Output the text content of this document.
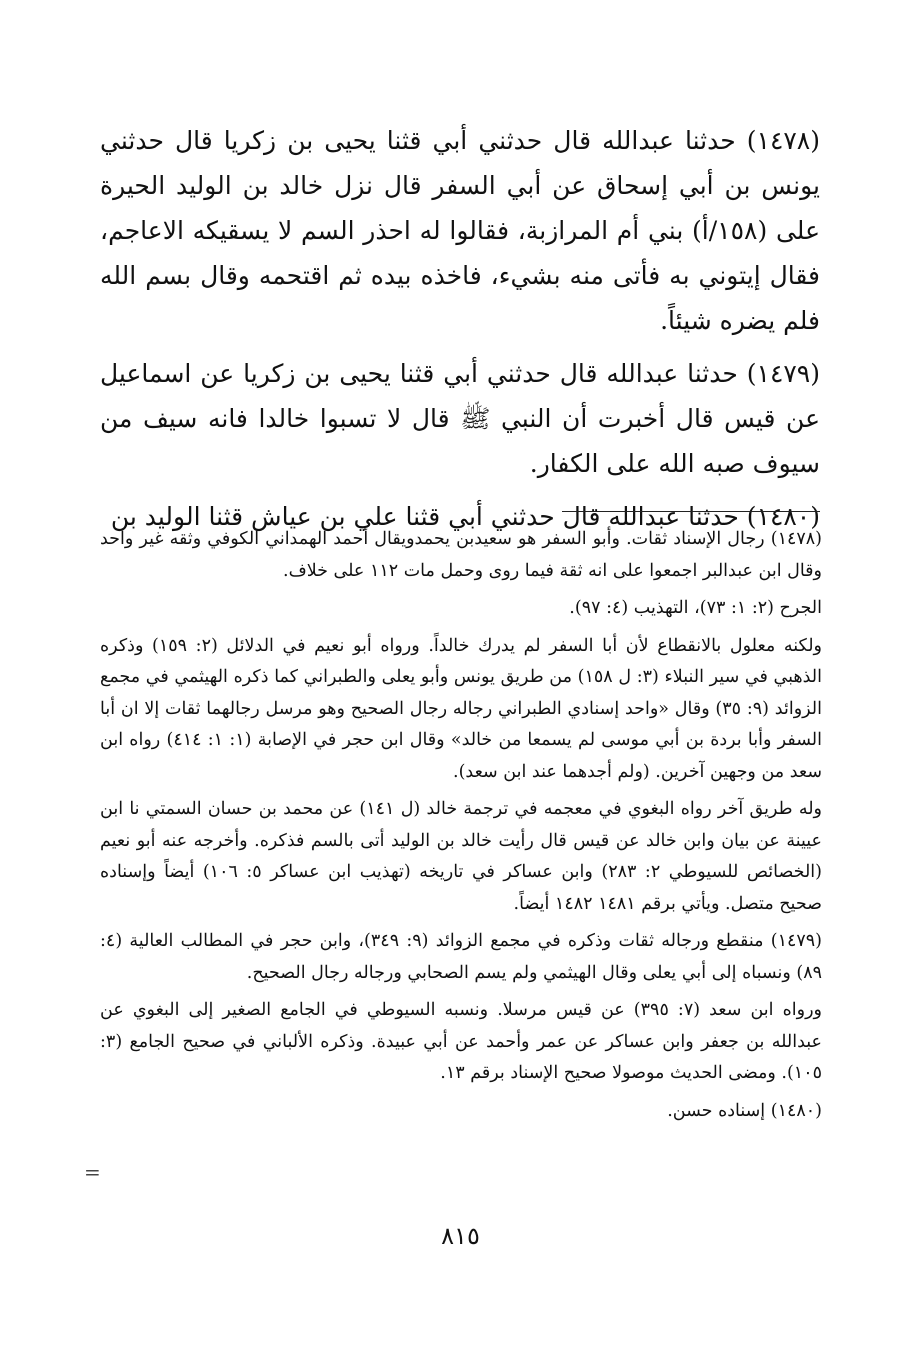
(١٤٧٨) حدثنا عبدالله قال حدثني أبي قثنا يحيى بن زكريا قال حدثني يونس بن أبي إسحاق عن أبي السفر قال نزل خالد بن الوليد الحيرة على (١٥٨/أ) بني أم المرازبة، فقالوا له احذر السم لا يسقيكه الاعاجم، فقال إيتوني به فأتى منه بشيء، فاخذه بيده ثم اقتحمه وقال بسم الله فلم يضره شيئاً.

(١٤٧٩) حدثنا عبدالله قال حدثني أبي قثنا يحيى بن زكريا عن اسماعيل عن قيس قال أخبرت أن النبي ﷺ قال لا تسبوا خالدا فانه سيف من سيوف صبه الله على الكفار.

(١٤٨٠) حدثنا عبدالله قال حدثني أبي قثنا علي بن عياش قثنا الوليد بن

(١٤٧٨) رجال الإسناد ثقات. وأبو السفر هو سعيدبن يحمدويقال أحمد الهمداني الكوفي وثقه غير واحد وقال ابن عبدالبر اجمعوا على انه ثقة فيما روى وحمل مات ١١٢ على خلاف.

الجرح (٢: ١: ٧٣)، التهذيب (٤: ٩٧).

ولكنه معلول بالانقطاع لأن أبا السفر لم يدرك خالداً. ورواه أبو نعيم في الدلائل (٢: ١٥٩) وذكره الذهبي في سير النبلاء (٣: ل ١٥٨) من طريق يونس وأبو يعلى والطبراني كما ذكره الهيثمي في مجمع الزوائد (٩: ٣٥) وقال «واحد إسنادي الطبراني رجاله رجال الصحيح وهو مرسل رجالهما ثقات إلا ان أبا السفر وأبا بردة بن أبي موسى لم يسمعا من خالد» وقال ابن حجر في الإصابة (١: ١: ٤١٤) رواه ابن سعد من وجهين آخرين. (ولم أجدهما عند ابن سعد).

وله طريق آخر رواه البغوي في معجمه في ترجمة خالد (ل ١٤١) عن محمد بن حسان السمتي نا ابن عيينة عن بيان وابن خالد عن قيس قال رأيت خالد بن الوليد أتى بالسم فذكره. وأخرجه عنه أبو نعيم (الخصائص للسيوطي ٢: ٢٨٣) وابن عساكر في تاريخه (تهذيب ابن عساكر ٥: ١٠٦) أيضاً وإسناده صحيح متصل. ويأتي برقم ١٤٨١ ١٤٨٢ أيضاً.

(١٤٧٩) منقطع ورجاله ثقات وذكره في مجمع الزوائد (٩: ٣٤٩)، وابن حجر في المطالب العالية (٤: ٨٩) ونسباه إلى أبي يعلى وقال الهيثمي ولم يسم الصحابي ورجاله رجال الصحيح.

ورواه ابن سعد (٧: ٣٩٥) عن قيس مرسلا. ونسبه السيوطي في الجامع الصغير إلى البغوي عن عبدالله بن جعفر وابن عساكر عن عمر وأحمد عن أبي عبيدة. وذكره الألباني في صحيح الجامع (٣: ١٠٥). ومضى الحديث موصولا صحيح الإسناد برقم ١٣.

(١٤٨٠) إسناده حسن.

=
٨١٥
